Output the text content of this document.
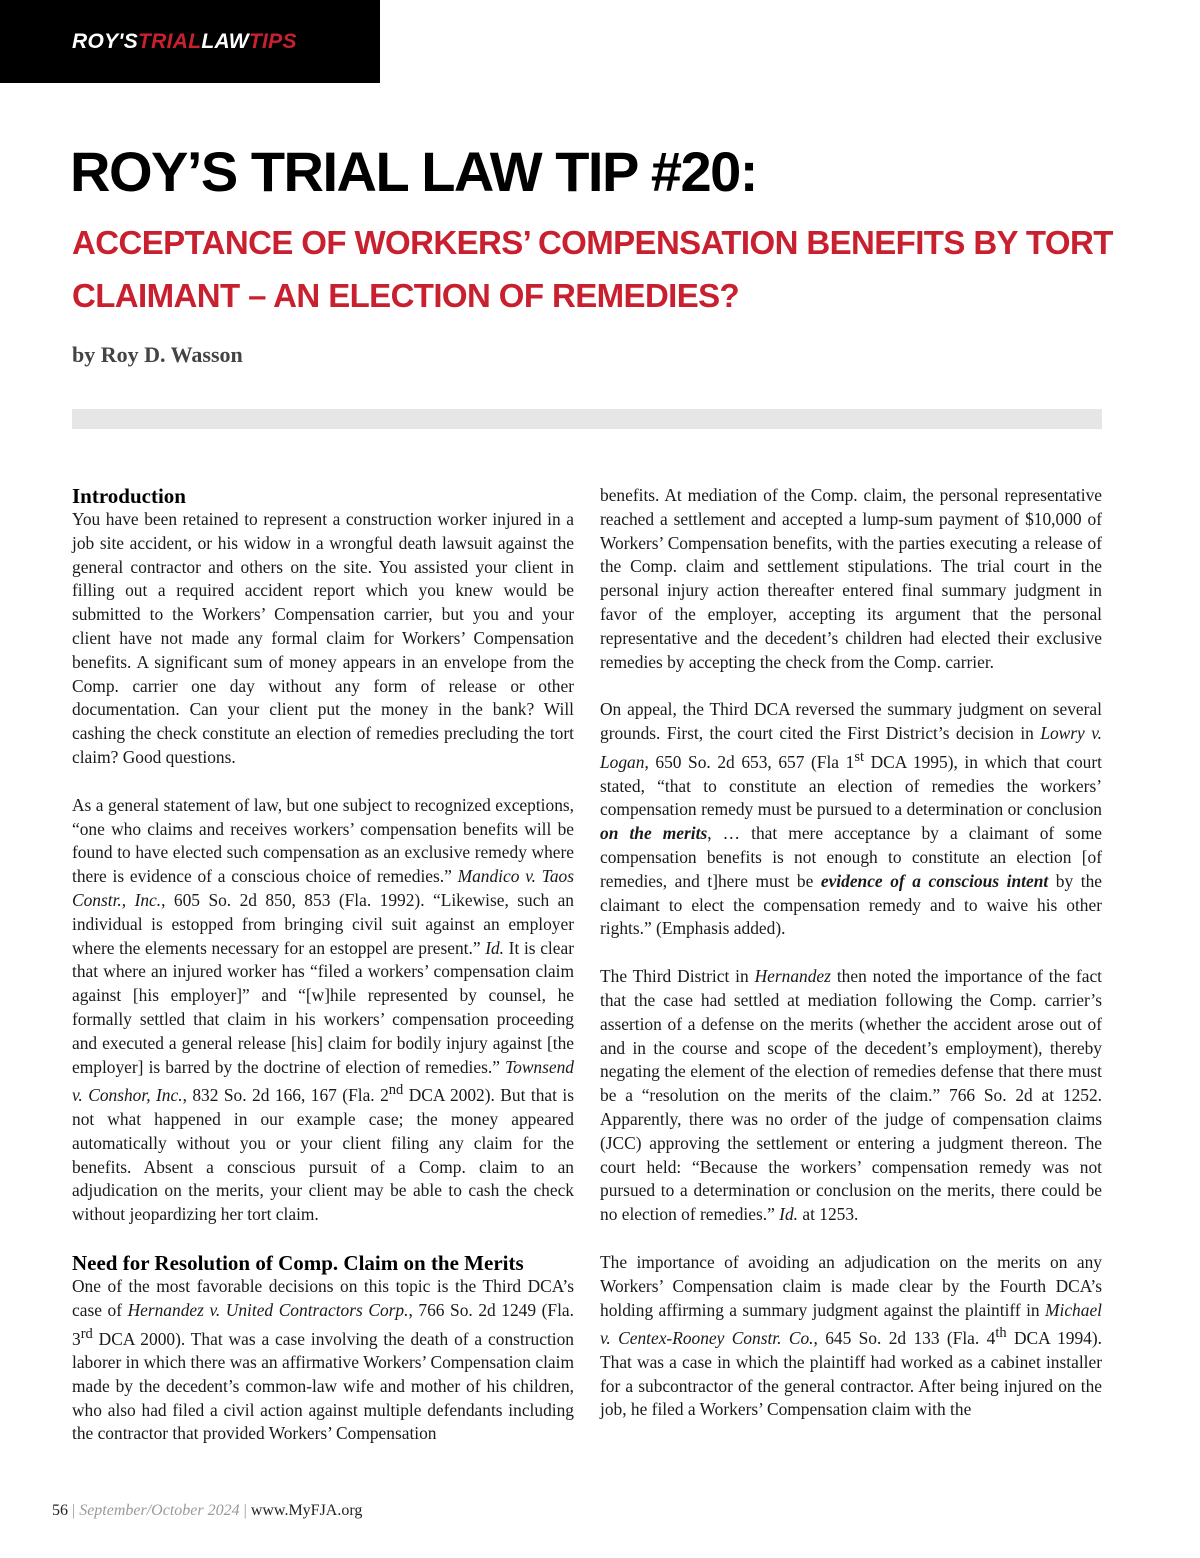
ROY'STRIALLAWTIPS
ROY’S TRIAL LAW TIP #20:
ACCEPTANCE OF WORKERS’ COMPENSATION BENEFITS BY TORT CLAIMANT – AN ELECTION OF REMEDIES?
by Roy D. Wasson
Introduction

You have been retained to represent a construction worker injured in a job site accident, or his widow in a wrongful death lawsuit against the general contractor and others on the site. You assisted your client in filling out a required accident report which you knew would be submitted to the Workers’ Compensation carrier, but you and your client have not made any formal claim for Workers’ Compensation benefits. A significant sum of money appears in an envelope from the Comp. carrier one day without any form of release or other documentation. Can your client put the money in the bank? Will cashing the check constitute an election of remedies precluding the tort claim? Good questions.

As a general statement of law, but one subject to recognized exceptions, “one who claims and receives workers’ compensation benefits will be found to have elected such compensation as an exclusive remedy where there is evidence of a conscious choice of remedies.” Mandico v. Taos Constr., Inc., 605 So. 2d 850, 853 (Fla. 1992). “Likewise, such an individual is estopped from bringing civil suit against an employer where the elements necessary for an estoppel are present.” Id. It is clear that where an injured worker has “filed a workers’ compensation claim against [his employer]” and “[w]hile represented by counsel, he formally settled that claim in his workers’ compensation proceeding and executed a general release [his] claim for bodily injury against [the employer] is barred by the doctrine of election of remedies.” Townsend v. Conshor, Inc., 832 So. 2d 166, 167 (Fla. 2nd DCA 2002). But that is not what happened in our example case; the money appeared automatically without you or your client filing any claim for the benefits. Absent a conscious pursuit of a Comp. claim to an adjudication on the merits, your client may be able to cash the check without jeopardizing her tort claim.

Need for Resolution of Comp. Claim on the Merits

One of the most favorable decisions on this topic is the Third DCA’s case of Hernandez v. United Contractors Corp., 766 So. 2d 1249 (Fla. 3rd DCA 2000). That was a case involving the death of a construction laborer in which there was an affirmative Workers’ Compensation claim made by the decedent’s common-law wife and mother of his children, who also had filed a civil action against multiple defendants including the contractor that provided Workers’ Compensation

benefits. At mediation of the Comp. claim, the personal representative reached a settlement and accepted a lump-sum payment of $10,000 of Workers’ Compensation benefits, with the parties executing a release of the Comp. claim and settlement stipulations. The trial court in the personal injury action thereafter entered final summary judgment in favor of the employer, accepting its argument that the personal representative and the decedent’s children had elected their exclusive remedies by accepting the check from the Comp. carrier.

On appeal, the Third DCA reversed the summary judgment on several grounds. First, the court cited the First District’s decision in Lowry v. Logan, 650 So. 2d 653, 657 (Fla 1st DCA 1995), in which that court stated, “that to constitute an election of remedies the workers’ compensation remedy must be pursued to a determination or conclusion on the merits, … that mere acceptance by a claimant of some compensation benefits is not enough to constitute an election [of remedies, and t]here must be evidence of a conscious intent by the claimant to elect the compensation remedy and to waive his other rights.” (Emphasis added).

The Third District in Hernandez then noted the importance of the fact that the case had settled at mediation following the Comp. carrier’s assertion of a defense on the merits (whether the accident arose out of and in the course and scope of the decedent’s employment), thereby negating the element of the election of remedies defense that there must be a “resolution on the merits of the claim.” 766 So. 2d at 1252. Apparently, there was no order of the judge of compensation claims (JCC) approving the settlement or entering a judgment thereon. The court held: “Because the workers’ compensation remedy was not pursued to a determination or conclusion on the merits, there could be no election of remedies.” Id. at 1253.

The importance of avoiding an adjudication on the merits on any Workers’ Compensation claim is made clear by the Fourth DCA’s holding affirming a summary judgment against the plaintiff in Michael v. Centex-Rooney Constr. Co., 645 So. 2d 133 (Fla. 4th DCA 1994). That was a case in which the plaintiff had worked as a cabinet installer for a subcontractor of the general contractor. After being injured on the job, he filed a Workers’ Compensation claim with the

56 | September/October 2024 | www.MyFJA.org
